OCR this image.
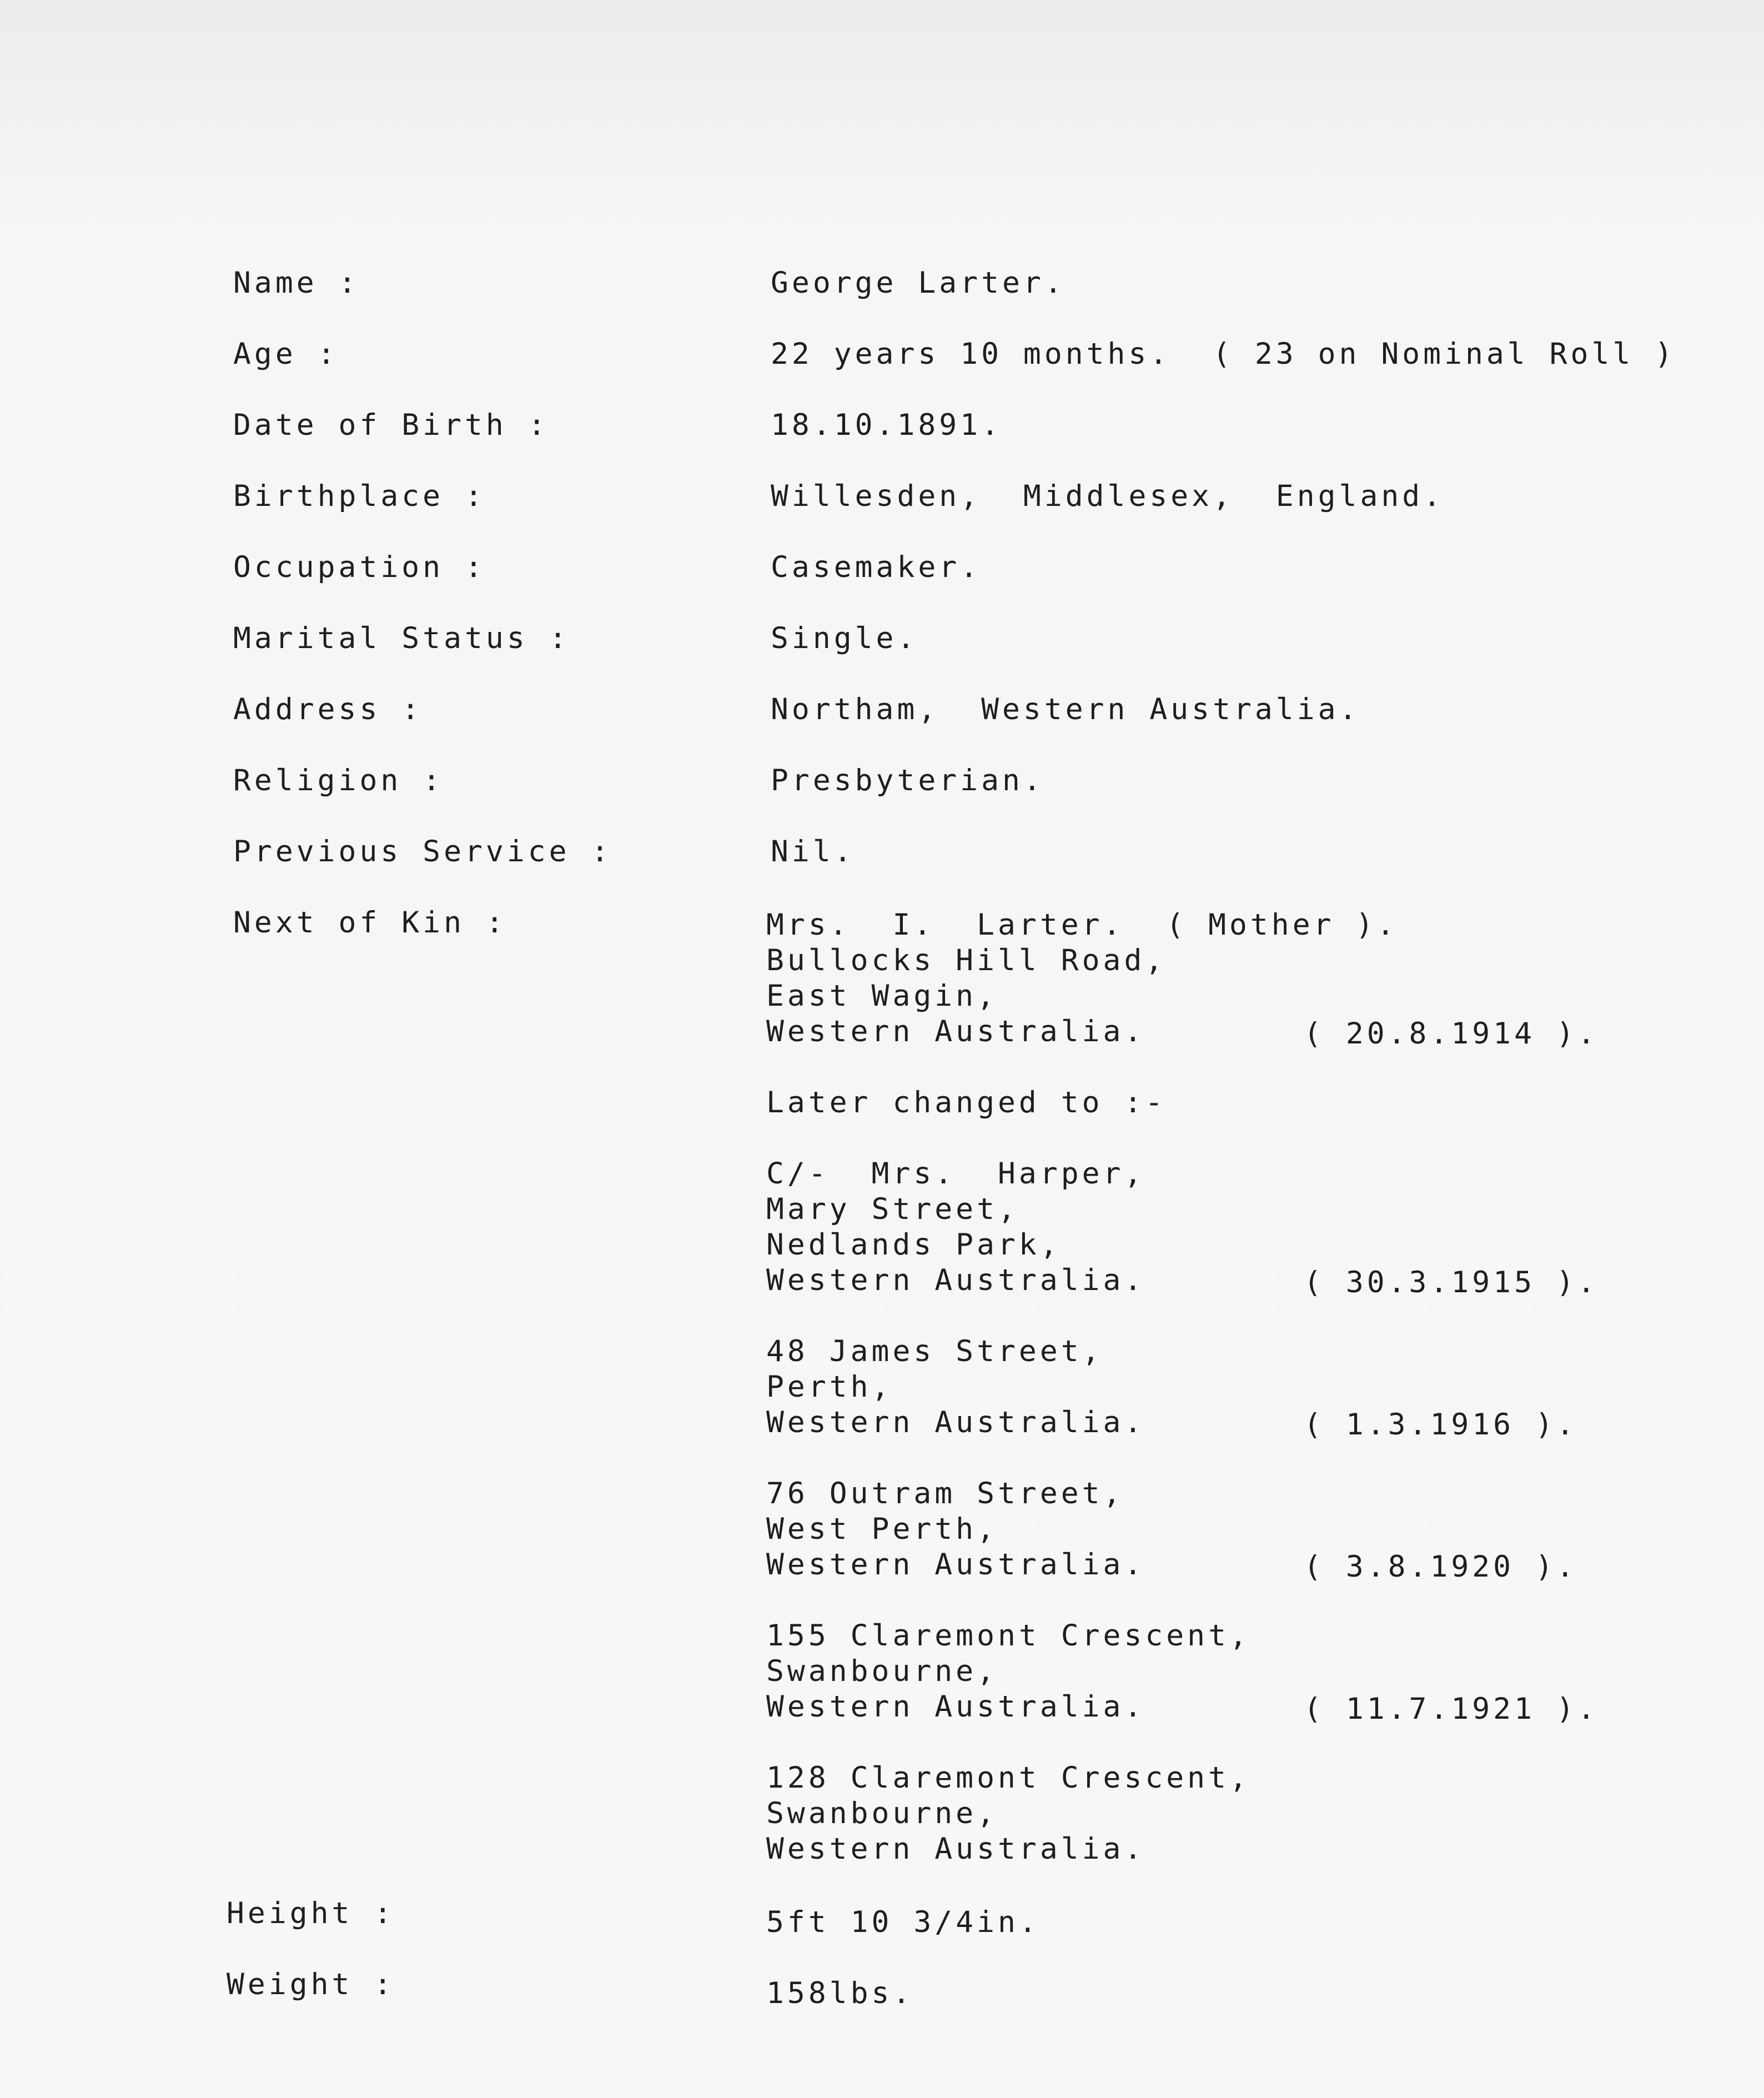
Name :	George Larter.
Age :	22 years 10 months.  ( 23 on Nominal Roll )
Date of Birth :	18.10.1891.
Birthplace :	Willesden,  Middlesex,  England.
Occupation :	Casemaker.
Marital Status :	Single.
Address :	Northam,  Western Australia.
Religion :	Presbyterian.
Previous Service :	Nil.
Next of Kin :	Mrs.  I.  Larter.  ( Mother ).
Bullocks Hill Road,
East Wagin,
Western Australia.	( 20.8.1914 ).
Later changed to :-
C/-  Mrs.  Harper,
Mary Street,
Nedlands Park,
Western Australia.	( 30.3.1915 ).
48 James Street,
Perth,
Western Australia.	( 1.3.1916 ).
76 Outram Street,
West Perth,
Western Australia.	( 3.8.1920 ).
155 Claremont Crescent,
Swanbourne,
Western Australia.	( 11.7.1921 ).
128 Claremont Crescent,
Swanbourne,
Western Australia.
Height :	5ft 10 3/4in.
Weight :	158lbs.
